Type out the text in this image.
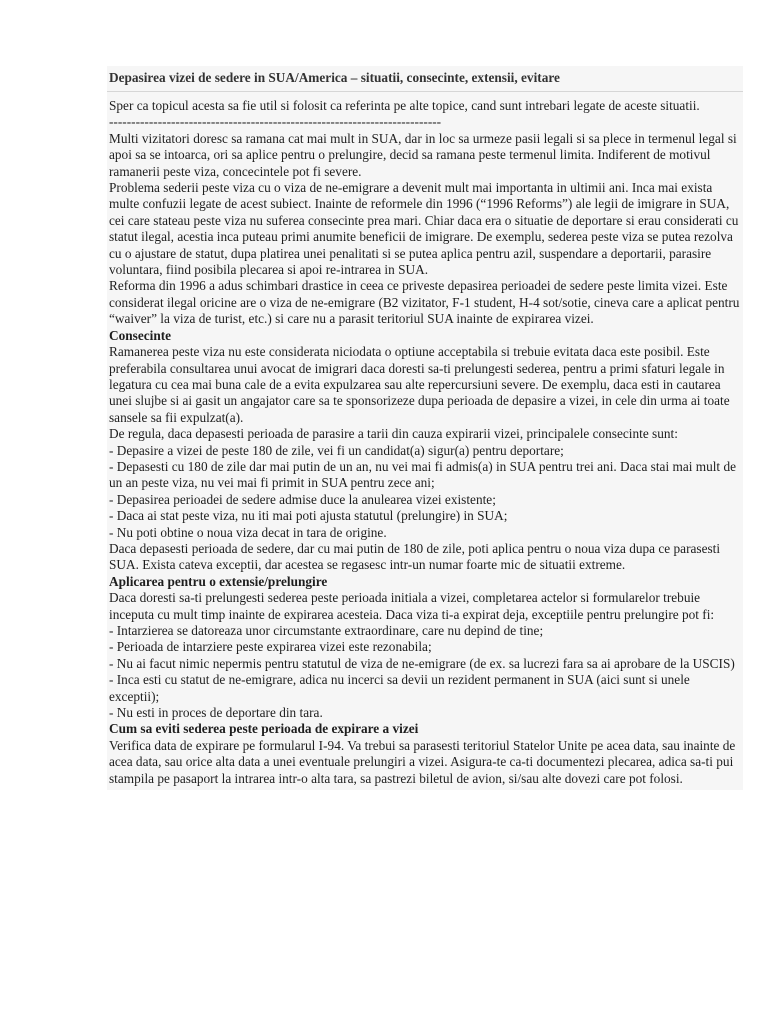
Depasirea vizei de sedere in SUA/America – situatii, consecinte, extensii, evitare

Sper ca topicul acesta sa fie util si folosit ca referinta pe alte topice, cand sunt intrebari legate de aceste situatii.

---------------------------------------------------------------------------

Multi vizitatori doresc sa ramana cat mai mult in SUA, dar in loc sa urmeze pasii legali si sa plece in termenul legal si apoi sa se intoarca, ori sa aplice pentru o prelungire, decid sa ramana peste termenul limita. Indiferent de motivul ramanerii peste viza, concecintele pot fi severe.

Problema sederii peste viza cu o viza de ne-emigrare a devenit mult mai importanta in ultimii ani. Inca mai exista multe confuzii legate de acest subiect. Inainte de reformele din 1996 (“1996 Reforms”) ale legii de imigrare in SUA, cei care stateau peste viza nu suferea consecinte prea mari. Chiar daca era o situatie de deportare si erau considerati cu statut ilegal, acestia inca puteau primi anumite beneficii de imigrare. De exemplu, sederea peste viza se putea rezolva cu o ajustare de statut, dupa platirea unei penalitati si se putea aplica pentru azil, suspendare a deportarii, parasire voluntara, fiind posibila plecarea si apoi re-intrarea in SUA.

Reforma din 1996 a adus schimbari drastice in ceea ce priveste depasirea perioadei de sedere peste limita vizei. Este considerat ilegal oricine are o viza de ne-emigrare (B2 vizitator, F-1 student, H-4 sot/sotie, cineva care a aplicat pentru “waiver” la viza de turist, etc.) si care nu a parasit teritoriul SUA inainte de expirarea vizei.

Consecinte

Ramanerea peste viza nu este considerata niciodata o optiune acceptabila si trebuie evitata daca este posibil. Este preferabila consultarea unui avocat de imigrari daca doresti sa-ti prelungesti sederea, pentru a primi sfaturi legale in legatura cu cea mai buna cale de a evita expulzarea sau alte repercursiuni severe. De exemplu, daca esti in cautarea unei slujbe si ai gasit un angajator care sa te sponsorizeze dupa perioada de depasire a vizei, in cele din urma ai toate sansele sa fii expulzat(a).

De regula, daca depasesti perioada de parasire a tarii din cauza expirarii vizei, principalele consecinte sunt:

- Depasire a vizei de peste 180 de zile, vei fi un candidat(a) sigur(a) pentru deportare;
- Depasesti cu 180 de zile dar mai putin de un an, nu vei mai fi admis(a) in SUA pentru trei ani. Daca stai mai mult de un an peste viza, nu vei mai fi primit in SUA pentru zece ani;
- Depasirea perioadei de sedere admise duce la anulearea vizei existente;
- Daca ai stat peste viza, nu iti mai poti ajusta statutul (prelungire) in SUA;
- Nu poti obtine o noua viza decat in tara de origine.

Daca depasesti perioada de sedere, dar cu mai putin de 180 de zile, poti aplica pentru o noua viza dupa ce parasesti SUA. Exista cateva exceptii, dar acestea se regasesc intr-un numar foarte mic de situatii extreme.

Aplicarea pentru o extensie/prelungire

Daca doresti sa-ti prelungesti sederea peste perioada initiala a vizei, completarea actelor si formularelor trebuie inceputa cu mult timp inainte de expirarea acesteia. Daca viza ti-a expirat deja, exceptiile pentru prelungire pot fi:

- Intarzierea se datoreaza unor circumstante extraordinare, care nu depind de tine;
- Perioada de intarziere peste expirarea vizei este rezonabila;
- Nu ai facut nimic nepermis pentru statutul de viza de ne-emigrare (de ex. sa lucrezi fara sa ai aprobare de la USCIS)
- Inca esti cu statut de ne-emigrare, adica nu incerci sa devii un rezident permanent in SUA (aici sunt si unele exceptii);
- Nu esti in proces de deportare din tara.
Cum sa eviti sederea peste perioada de expirare a vizei

Verifica data de expirare pe formularul I-94. Va trebui sa parasesti teritoriul Statelor Unite pe acea data, sau inainte de acea data, sau orice alta data a unei eventuale prelungiri a vizei. Asigura-te ca-ti documentezi plecarea, adica sa-ti pui stampila pe pasaport la intrarea intr-o alta tara, sa pastrezi biletul de avion, si/sau alte dovezi care pot folosi.
